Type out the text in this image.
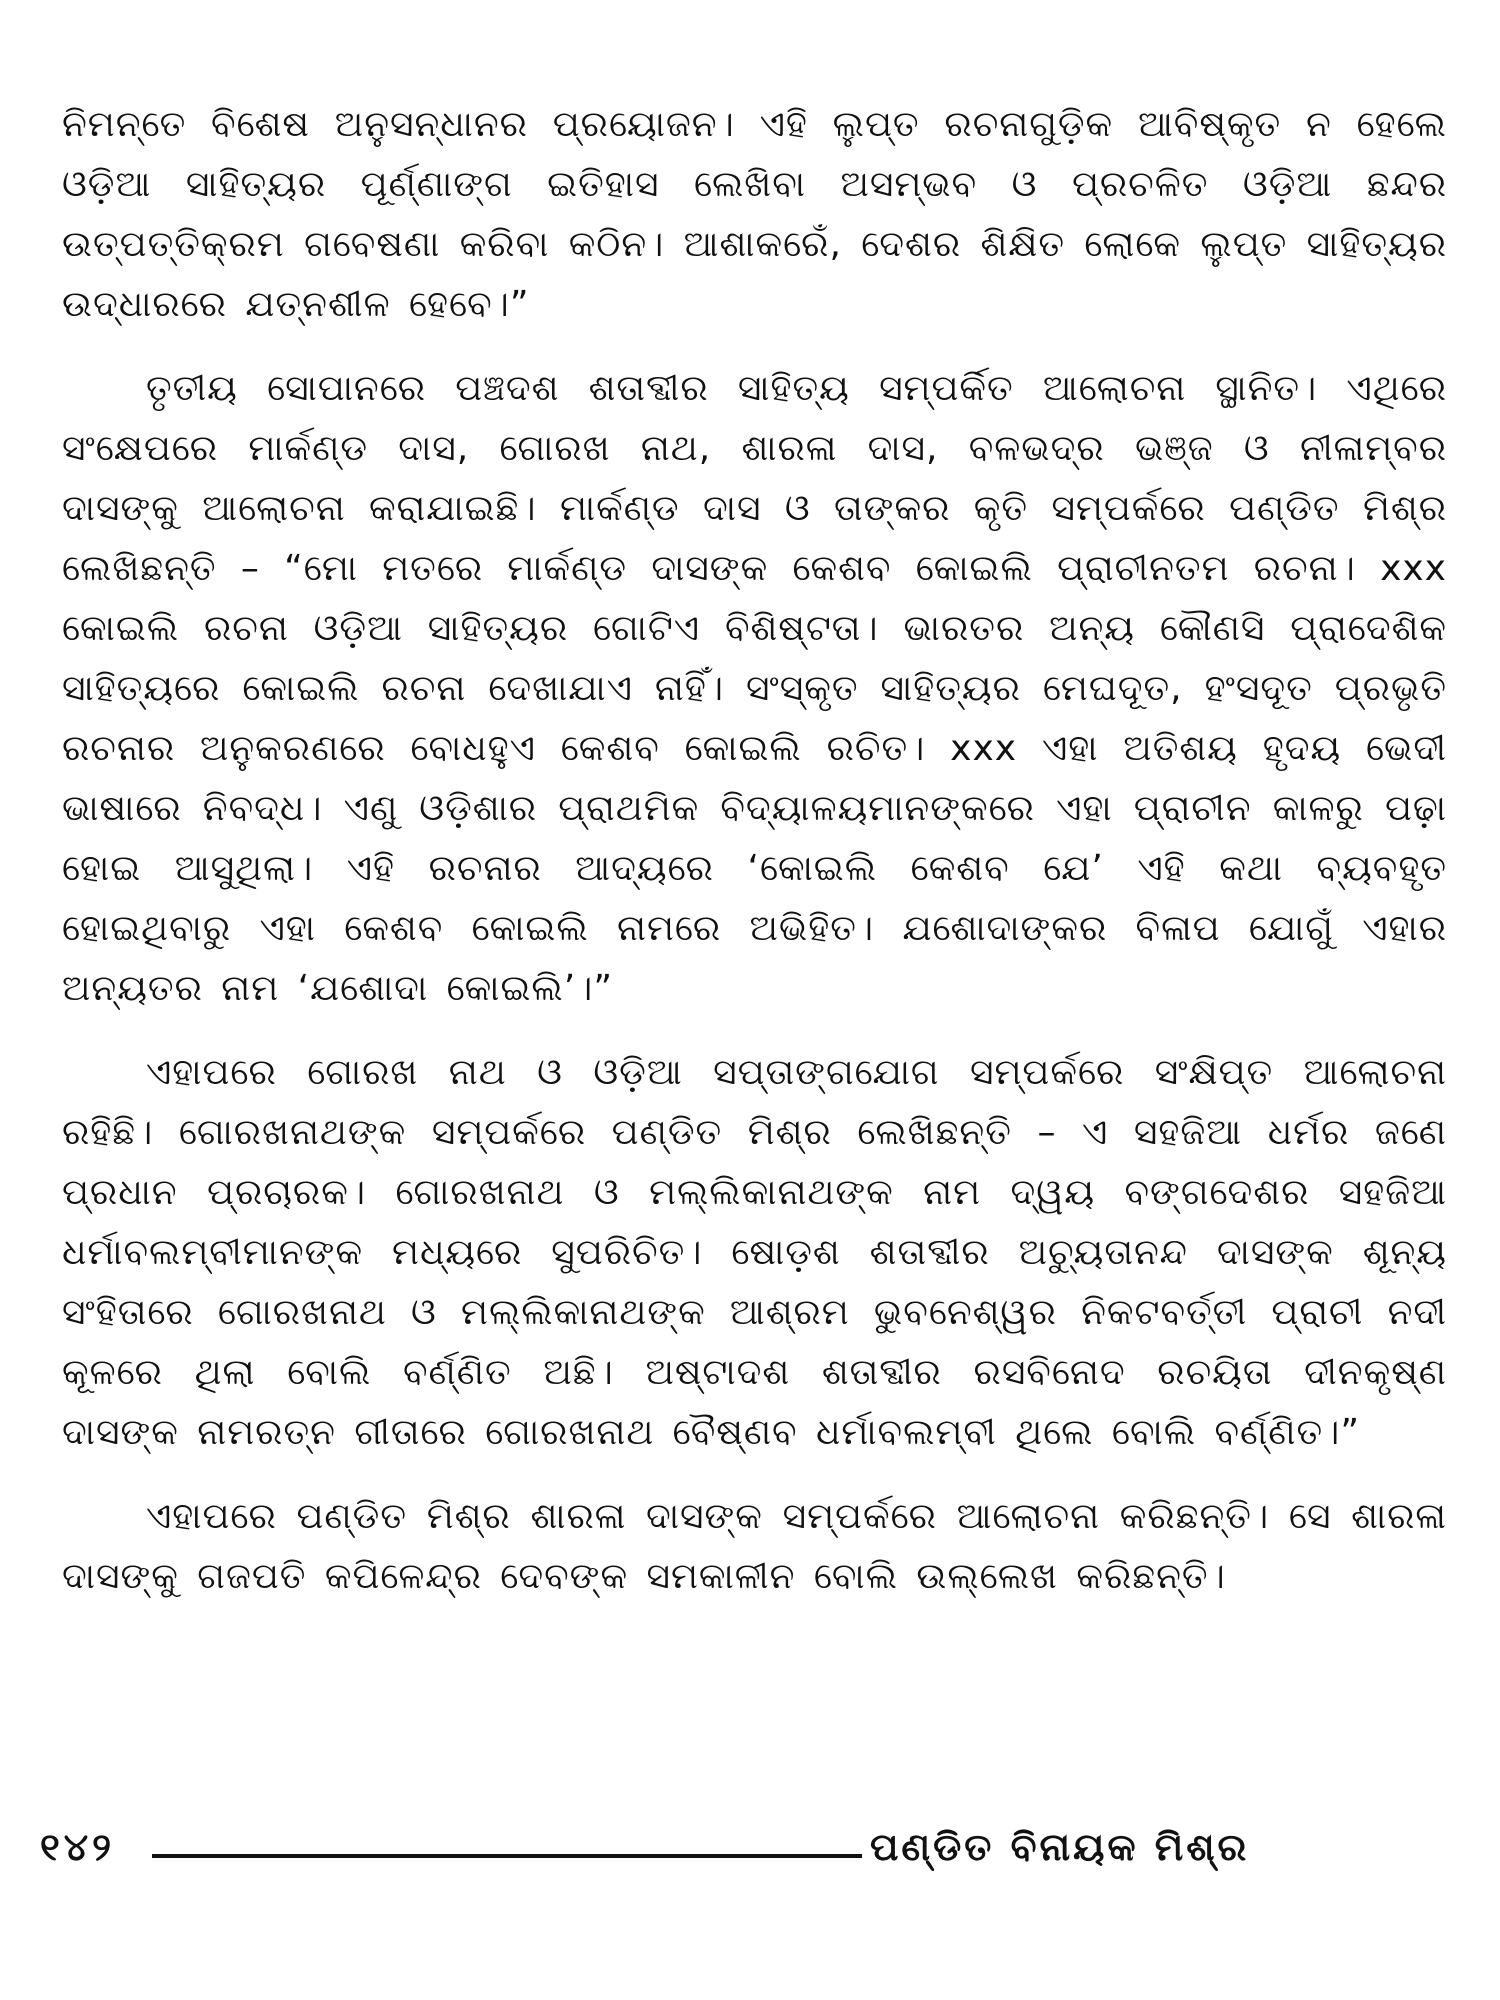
ନିମନ୍ତେ ବିଶେଷ ଅନୁସନ୍ଧାନର ପ୍ରୟୋଜନ। ଏହି ଲୁପ୍ତ ରଚନାଗୁଡ଼ିକ ଆବିଷ୍କୃତ ନ ହେଲେ ଓଡ଼ିଆ ସାହିତ୍ୟର ପୂର୍ଣ୍ଣାଙ୍ଗ ଇତିହାସ ଲେଖିବା ଅସମ୍ଭବ ଓ ପ୍ରଚଳିତ ଓଡ଼ିଆ ଛନ୍ଦର ଉତ୍ପତ୍ତିକ୍ରମ ଗବେଷଣା କରିବା କଠିନ। ଆଶାକରେଁ, ଦେଶର ଶିକ୍ଷିତ ଲୋକେ ଲୁପ୍ତ ସାହିତ୍ୟର ଉଦ୍ଧାରରେ ଯତ୍ନଶୀଳ ହେବେ।”

ତୃତୀୟ ସୋପାନରେ ପଞ୍ଚଦଶ ଶତାବ୍ଦୀର ସାହିତ୍ୟ ସମ୍ପର୍କିତ ଆଲୋଚନା ସ୍ଥାନିତ। ଏଥିରେ ସଂକ୍ଷେପରେ ମାର୍କଣ୍ଡ ଦାସ, ଗୋରଖ ନାଥ, ଶାରଳା ଦାସ, ବଳଭଦ୍ର ଭଞ୍ଜ ଓ ନୀଳାମ୍ବର ଦାସଙ୍କୁ ଆଲୋଚନା କରାଯାଇଛି। ମାର୍କଣ୍ଡ ଦାସ ଓ ତାଙ୍କର କୃତି ସମ୍ପର୍କରେ ପଣ୍ଡିତ ମିଶ୍ର ଲେଖିଛନ୍ତି – “ମୋ ମତରେ ମାର୍କଣ୍ଡ ଦାସଙ୍କ କେଶବ କୋଇଲି ପ୍ରାଚୀନତମ ରଚନା। xxx କୋଇଲି ରଚନା ଓଡ଼ିଆ ସାହିତ୍ୟର ଗୋଟିଏ ବିଶିଷ୍ଟତା। ଭାରତର ଅନ୍ୟ କୌଣସି ପ୍ରାଦେଶିକ ସାହିତ୍ୟରେ କୋଇଲି ରଚନା ଦେଖାଯାଏ ନାହିଁ। ସଂସ୍କୃତ ସାହିତ୍ୟର ମେଘଦୂତ, ହଂସଦୂତ ପ୍ରଭୃତି ରଚନାର ଅନୁକରଣରେ ବୋଧହୁଏ କେଶବ କୋଇଲି ରଚିତ। xxx ଏହା ଅତିଶୟ ହୃଦୟ ଭେଦୀ ଭାଷାରେ ନିବଦ୍ଧ। ଏଣୁ ଓଡ଼ିଶାର ପ୍ରାଥମିକ ବିଦ୍ୟାଳୟମାନଙ୍କରେ ଏହା ପ୍ରାଚୀନ କାଳରୁ ପଢ଼ା ହୋଇ ଆସୁଥିଲା। ଏହି ରଚନାର ଆଦ୍ୟରେ ‘କୋଇଲି କେଶବ ଯେ’ ଏହି କଥା ବ୍ୟବହୃତ ହୋଇଥିବାରୁ ଏହା କେଶବ କୋଇଲି ନାମରେ ଅଭିହିତ। ଯଶୋଦାଙ୍କର ବିଳାପ ଯୋଗୁଁ ଏହାର ଅନ୍ୟତର ନାମ ‘ଯଶୋଦା କୋଇଲି’।”

ଏହାପରେ ଗୋରଖ ନାଥ ଓ ଓଡ଼ିଆ ସପ୍ତାଙ୍ଗଯୋଗ ସମ୍ପର୍କରେ ସଂକ୍ଷିପ୍ତ ଆଲୋଚନା ରହିଛି। ଗୋରଖନାଥଙ୍କ ସମ୍ପର୍କରେ ପଣ୍ଡିତ ମିଶ୍ର ଲେଖିଛନ୍ତି – ଏ ସହଜିଆ ଧର୍ମର ଜଣେ ପ୍ରଧାନ ପ୍ରଚାରକ। ଗୋରଖନାଥ ଓ ମଲ୍ଲିକାନାଥଙ୍କ ନାମ ଦ୍ୱୟ ବଙ୍ଗଦେଶର ସହଜିଆ ଧର୍ମାବଲମ୍ବୀମାନଙ୍କ ମଧ୍ୟରେ ସୁପରିଚିତ। ଷୋଡ଼ଶ ଶତାବ୍ଦୀର ଅଚ୍ୟୁତାନନ୍ଦ ଦାସଙ୍କ ଶୂନ୍ୟ ସଂହିତାରେ ଗୋରଖନାଥ ଓ ମଲ୍ଲିକାନାଥଙ୍କ ଆଶ୍ରମ ଭୁବନେଶ୍ୱର ନିକଟବର୍ତ୍ତୀ ପ୍ରାଚୀ ନଦୀ କୂଳରେ ଥିଲା ବୋଲି ବର୍ଣ୍ଣିତ ଅଛି। ଅଷ୍ଟାଦଶ ଶତାବ୍ଦୀର ରସବିନୋଦ ରଚୟିତା ଦୀନକୃଷ୍ଣ ଦାସଙ୍କ ନାମରତ୍ନ ଗୀତାରେ ଗୋରଖନାଥ ବୈଷ୍ଣବ ଧର୍ମାବଲମ୍ବୀ ଥିଲେ ବୋଲି ବର୍ଣ୍ଣିତ।”

ଏହାପରେ ପଣ୍ଡିତ ମିଶ୍ର ଶାରଳା ଦାସଙ୍କ ସମ୍ପର୍କରେ ଆଲୋଚନା କରିଛନ୍ତି। ସେ ଶାରଳା ଦାସଙ୍କୁ ଗଜପତି କପିଳେନ୍ଦ୍ର ଦେବଙ୍କ ସମକାଳୀନ ବୋଲି ଉଲ୍ଲେଖ କରିଛନ୍ତି।

୧୪୨	ପଣ୍ଡିତ ବିନାୟକ ମିଶ୍ର
